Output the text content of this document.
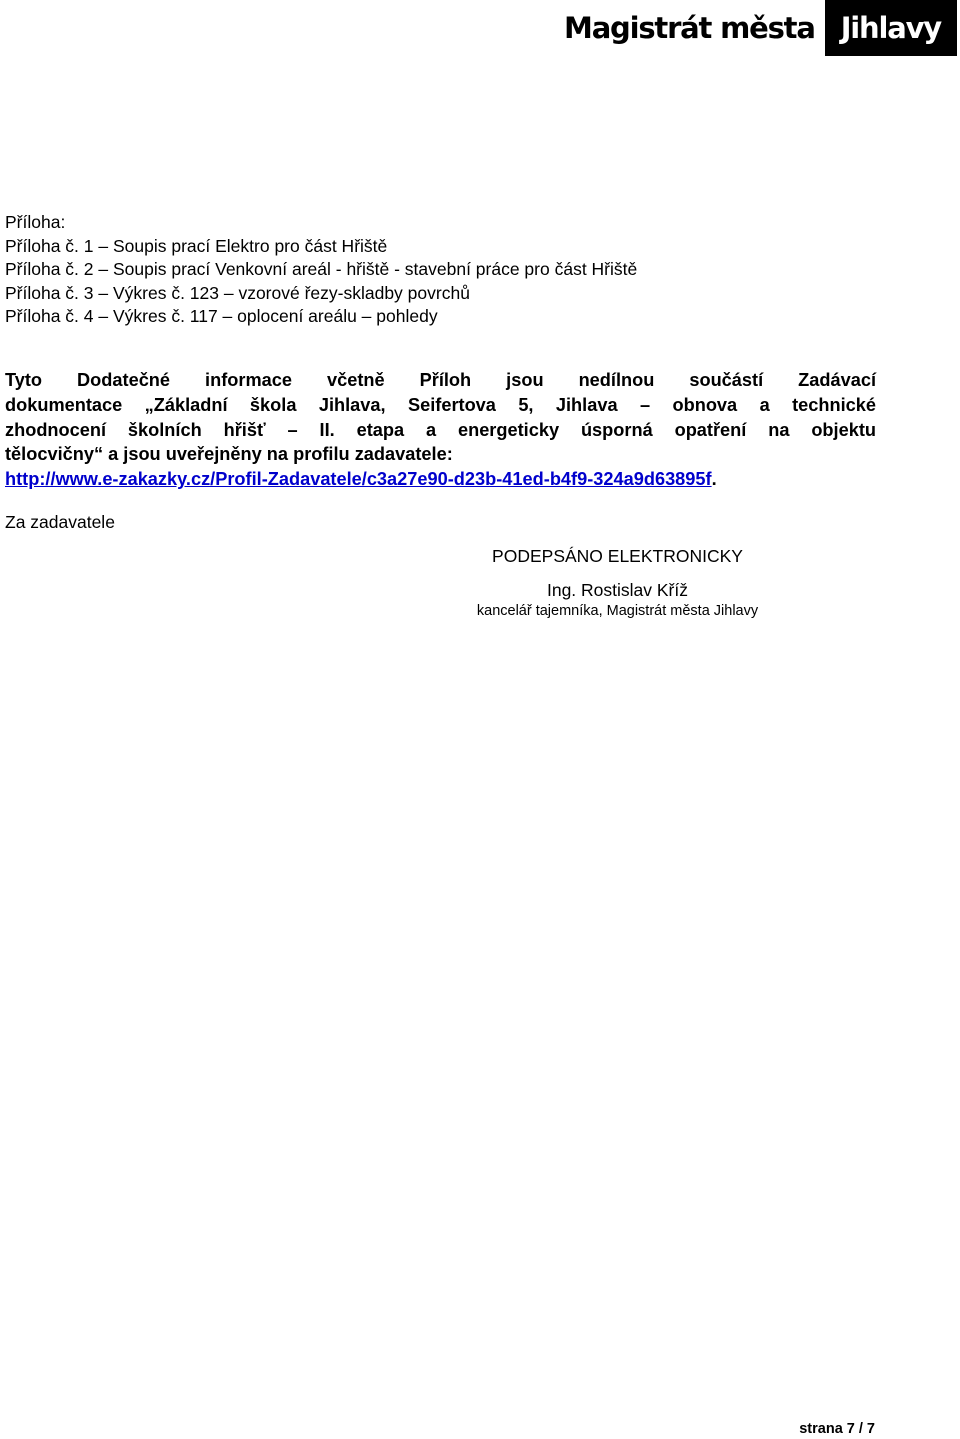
Magistrát města Jihlavy
Příloha:
Příloha č. 1 – Soupis prací Elektro pro část Hřiště
Příloha č. 2 – Soupis prací Venkovní areál - hřiště - stavební práce pro část Hřiště
Příloha č. 3 – Výkres č. 123 – vzorové řezy-skladby povrchů
Příloha č. 4 – Výkres č. 117 – oplocení areálu – pohledy
Tyto Dodatečné informace včetně Příloh jsou nedílnou součástí Zadávací
dokumentace „Základní škola Jihlava, Seifertova 5, Jihlava – obnova a technické
zhodnocení školních hřišť – II. etapa a energeticky úsporná opatření na objektu
tělocvičny“ a jsou uveřejněny na profilu zadavatele:
http://www.e-zakazky.cz/Profil-Zadavatele/c3a27e90-d23b-41ed-b4f9-324a9d63895f.
Za zadavatele
PODEPSÁNO ELEKTRONICKY
Ing. Rostislav Kříž
kancelář tajemníka, Magistrát města Jihlavy
strana 7 / 7
